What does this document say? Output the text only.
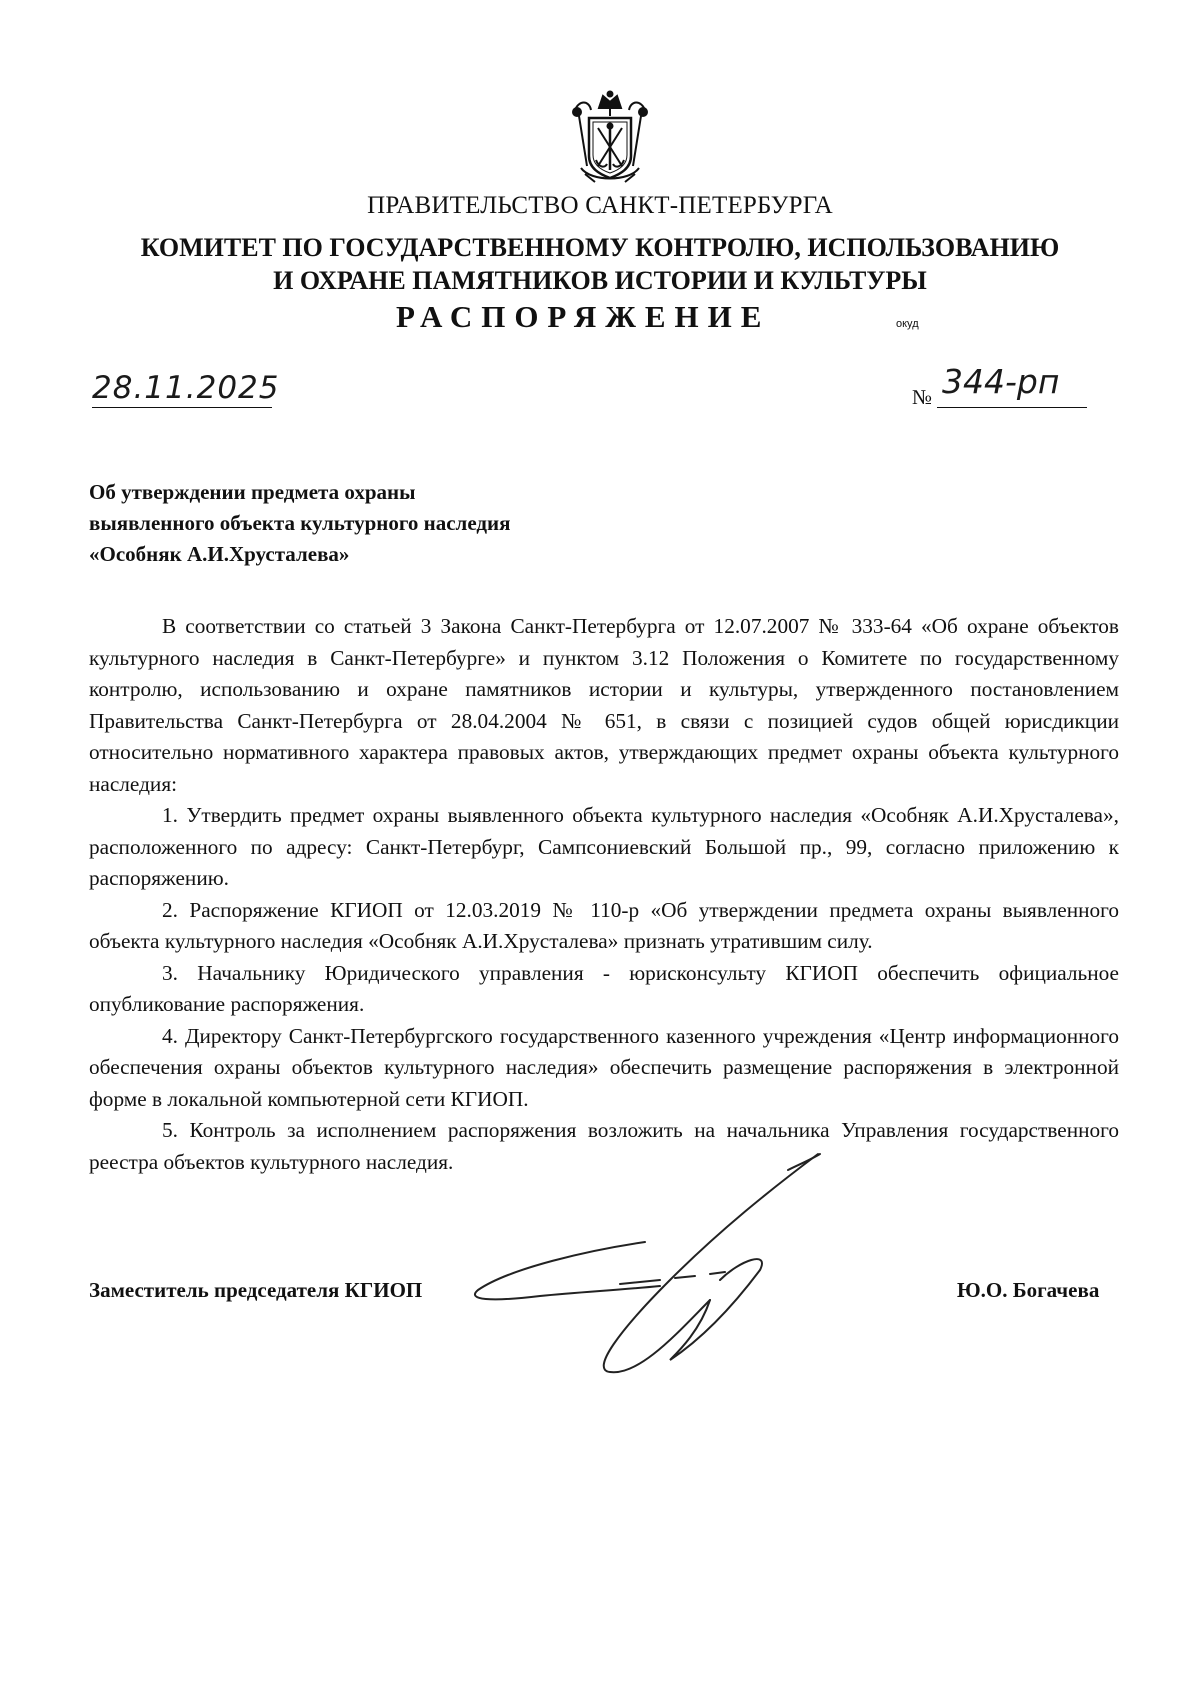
ПРАВИТЕЛЬСТВО САНКТ-ПЕТЕРБУРГА
КОМИТЕТ ПО ГОСУДАРСТВЕННОМУ КОНТРОЛЮ, ИСПОЛЬЗОВАНИЮ
И ОХРАНЕ ПАМЯТНИКОВ ИСТОРИИ И КУЛЬТУРЫ
РАСПОРЯЖЕНИЕ	окуд
28.11.2025	№ 344-рп
Об утверждении предмета охраны
выявленного объекта культурного наследия
«Особняк А.И.Хрусталева»

В соответствии со статьей 3 Закона Санкт-Петербурга от 12.07.2007 № 333-64 «Об охране объектов культурного наследия в Санкт-Петербурге» и пунктом 3.12 Положения о Комитете по государственному контролю, использованию и охране памятников истории и культуры, утвержденного постановлением Правительства Санкт-Петербурга от 28.04.2004 № 651, в связи с позицией судов общей юрисдикции относительно нормативного характера правовых актов, утверждающих предмет охраны объекта культурного наследия:

1. Утвердить предмет охраны выявленного объекта культурного наследия «Особняк А.И.Хрусталева», расположенного по адресу: Санкт-Петербург, Сампсониевский Большой пр., 99, согласно приложению к распоряжению.

2. Распоряжение КГИОП от 12.03.2019 № 110-р «Об утверждении предмета охраны выявленного объекта культурного наследия «Особняк А.И.Хрусталева» признать утратившим силу.

3. Начальнику Юридического управления - юрисконсульту КГИОП обеспечить официальное опубликование распоряжения.

4. Директору Санкт-Петербургского государственного казенного учреждения «Центр информационного обеспечения охраны объектов культурного наследия» обеспечить размещение распоряжения в электронной форме в локальной компьютерной сети КГИОП.

5. Контроль за исполнением распоряжения возложить на начальника Управления государственного реестра объектов культурного наследия.

Заместитель председателя КГИОП	Ю.О. Богачева
